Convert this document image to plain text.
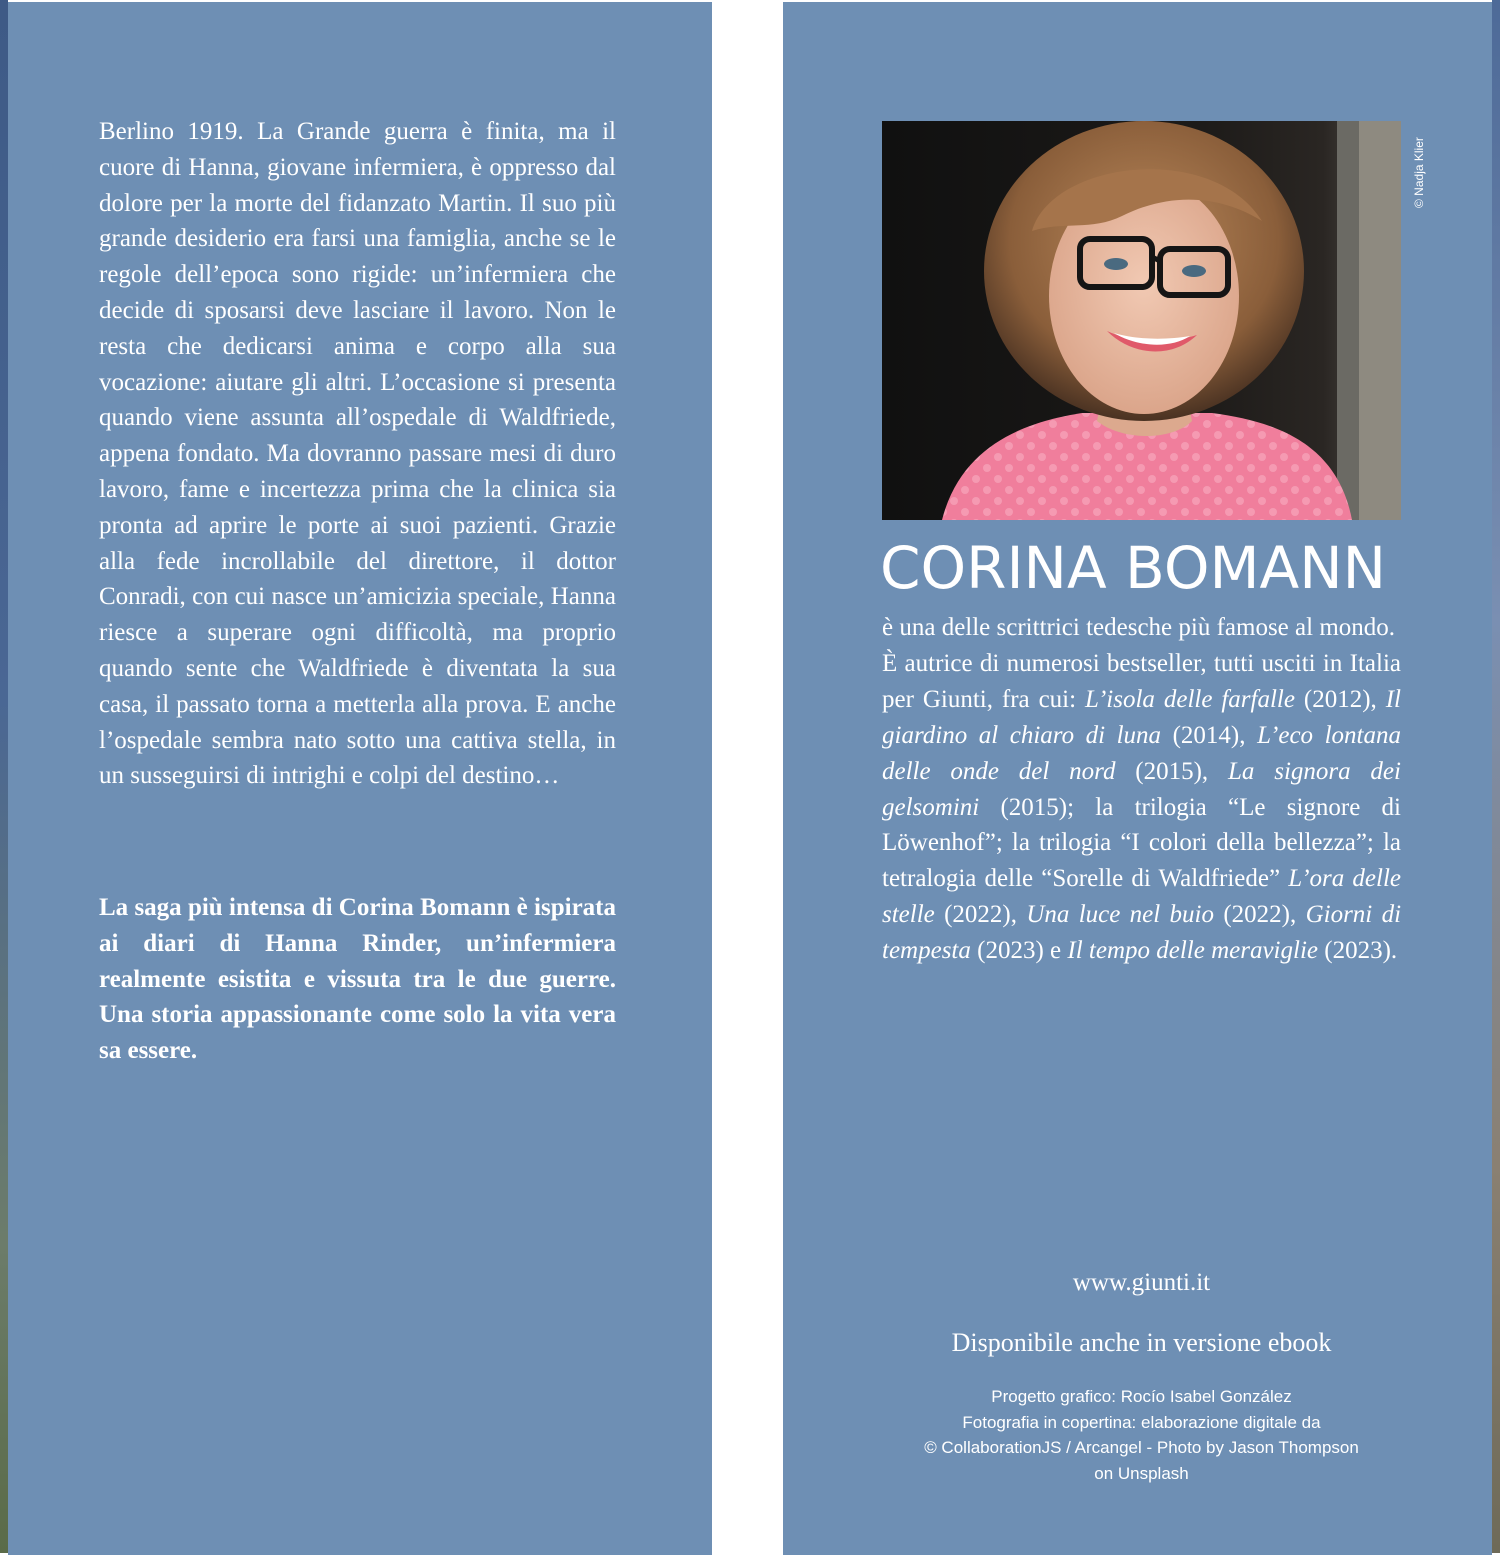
Berlino 1919. La Grande guerra è finita, ma il cuore di Hanna, giovane infermiera, è oppresso dal dolore per la morte del fidanzato Martin. Il suo più grande desiderio era farsi una famiglia, anche se le regole dell’epoca sono rigide: un’infermiera che decide di sposarsi deve lasciare il lavoro. Non le resta che dedicarsi anima e corpo alla sua vocazione: aiutare gli altri. L’occasione si presenta quando viene assunta all’ospedale di Waldfriede, appena fondato. Ma dovranno passare mesi di duro lavoro, fame e incertezza prima che la clinica sia pronta ad aprire le porte ai suoi pazienti. Grazie alla fede incrollabile del direttore, il dottor Conradi, con cui nasce un’amicizia speciale, Hanna riesce a superare ogni difficoltà, ma proprio quando sente che Waldfriede è diventata la sua casa, il passato torna a metterla alla prova. E anche l’ospedale sembra nato sotto una cattiva stella, in un susseguirsi di intrighi e colpi del destino…

La saga più intensa di Corina Bomann è ispirata ai diari di Hanna Rinder, un’infermiera realmente esistita e vissuta tra le due guerre. Una storia appassionante come solo la vita vera sa essere.

© Nadja Klier
CORINA BOMANN

è una delle scrittrici tedesche più famose al mondo.

È autrice di numerosi bestseller, tutti usciti in Italia per Giunti, fra cui: L’isola delle farfalle (2012), Il giardino al chiaro di luna (2014), L’eco lontana delle onde del nord (2015), La signora dei gelsomini (2015); la trilogia “Le signore di Löwenhof”; la trilogia “I colori della bellezza”; la tetralogia delle “Sorelle di Waldfriede” L’ora delle stelle (2022), Una luce nel buio (2022), Giorni di tempesta (2023) e Il tempo delle meraviglie (2023).

www.giunti.it
Disponibile anche in versione ebook
Progetto grafico: Rocío Isabel González
Fotografia in copertina: elaborazione digitale da
© CollaborationJS / Arcangel - Photo by Jason Thompson
on Unsplash
